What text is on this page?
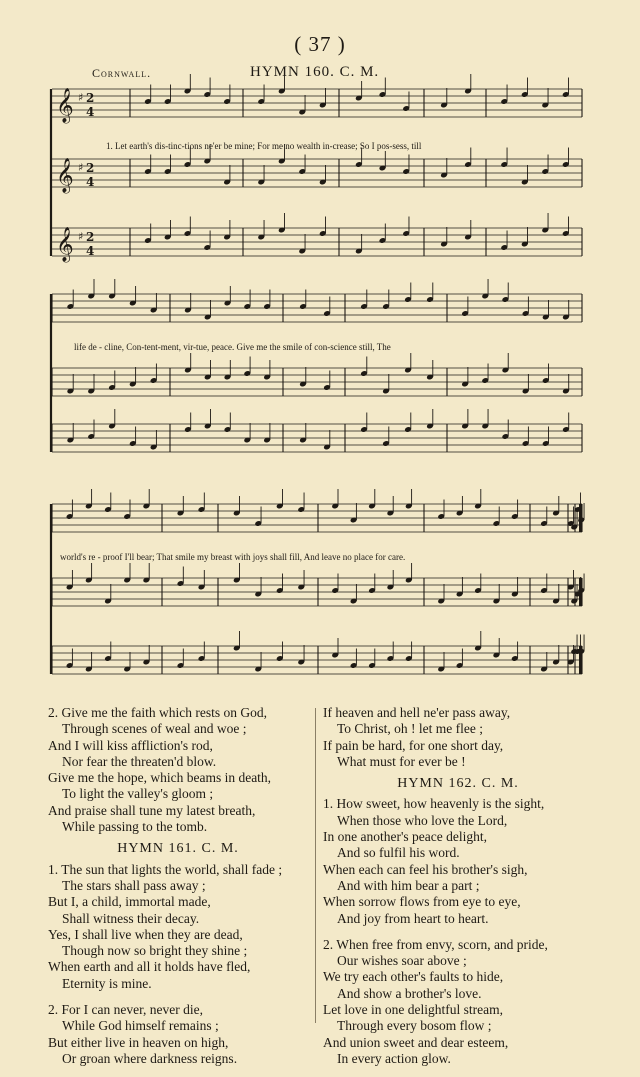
( 37 )
Cornwall.	HYMN 160. C. M.
𝄞 ♯ 2
4
𝄞 ♯ 2
4
𝄞 ♯ 2
4
1. Let earth's dis-tinc-tions ne'er be mine; For me no wealth in-crease; So I pos-sess, till
life de - cline, Con-tent-ment, vir-tue, peace. Give me the smile of con-science still, The
world's re - proof I'll bear; That smile my breast with joys shall fill, And leave no place for care.
2. Give me the faith which rests on God,
Through scenes of weal and woe ;
And I will kiss affliction's rod,
Nor fear the threaten'd blow.
Give me the hope, which beams in death,
To light the valley's gloom ;
And praise shall tune my latest breath,
While passing to the tomb.
HYMN 161. C. M.
1. The sun that lights the world, shall fade ;
The stars shall pass away ;
But I, a child, immortal made,
Shall witness their decay.
Yes, I shall live when they are dead,
Though now so bright they shine ;
When earth and all it holds have fled,
Eternity is mine.
2. For I can never, never die,
While God himself remains ;
But either live in heaven on high,
Or groan where darkness reigns.
If heaven and hell ne'er pass away,
To Christ, oh ! let me flee ;
If pain be hard, for one short day,
What must for ever be !
HYMN 162. C. M.
1. How sweet, how heavenly is the sight,
When those who love the Lord,
In one another's peace delight,
And so fulfil his word.
When each can feel his brother's sigh,
And with him bear a part ;
When sorrow flows from eye to eye,
And joy from heart to heart.
2. When free from envy, scorn, and pride,
Our wishes soar above ;
We try each other's faults to hide,
And show a brother's love.
Let love in one delightful stream,
Through every bosom flow ;
And union sweet and dear esteem,
In every action glow.
